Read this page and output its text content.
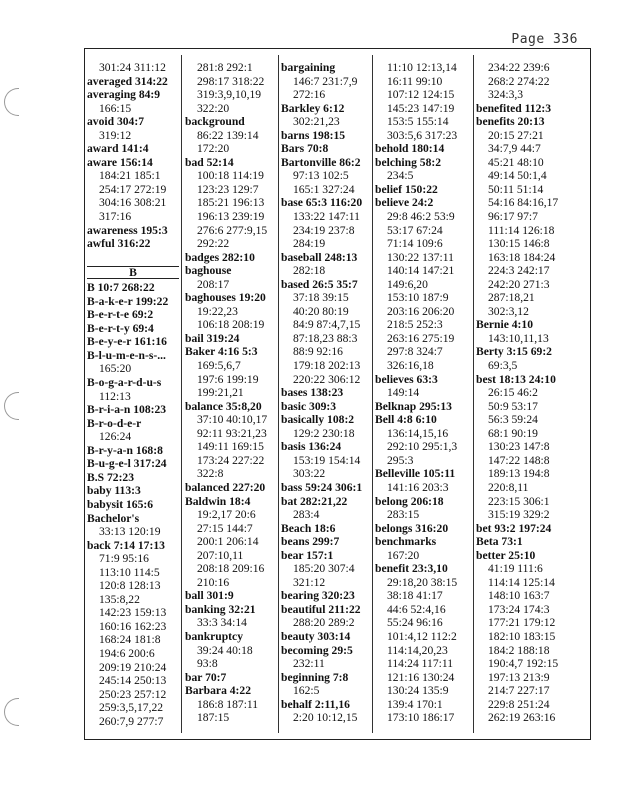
Page 336
301:24 311:12
averaged 314:22
averaging 84:9
166:15
avoid 304:7
319:12
award 141:4
aware 156:14
184:21 185:1
254:17 272:19
304:16 308:21
317:16
awareness 195:3
awful 316:22
B
B 10:7 268:22
B-a-k-e-r 199:22
B-e-r-t-e 69:2
B-e-r-t-y 69:4
B-e-y-e-r 161:16
B-l-u-m-e-n-s-...
165:20
B-o-g-a-r-d-u-s
112:13
B-r-i-a-n 108:23
B-r-o-d-e-r
126:24
B-r-y-a-n 168:8
B-u-g-e-l 317:24
B.S 72:23
baby 113:3
babysit 165:6
Bachelor's
33:13 120:19
back 7:14 17:13
71:9 95:16
113:10 114:5
120:8 128:13
135:8,22
142:23 159:13
160:16 162:23
168:24 181:8
194:6 200:6
209:19 210:24
245:14 250:13
250:23 257:12
259:3,5,17,22
260:7,9 277:7
281:8 292:1
298:17 318:22
319:3,9,10,19
322:20
background
86:22 139:14
172:20
bad 52:14
100:18 114:19
123:23 129:7
185:21 196:13
196:13 239:19
276:6 277:9,15
292:22
badges 282:10
baghouse
208:17
baghouses 19:20
19:22,23
106:18 208:19
bail 319:24
Baker 4:16 5:3
169:5,6,7
197:6 199:19
199:21,21
balance 35:8,20
37:10 40:10,17
92:11 93:21,23
149:11 169:15
173:24 227:22
322:8
balanced 227:20
Baldwin 18:4
19:2,17 20:6
27:15 144:7
200:1 206:14
207:10,11
208:18 209:16
210:16
ball 301:9
banking 32:21
33:3 34:14
bankruptcy
39:24 40:18
93:8
bar 70:7
Barbara 4:22
186:8 187:11
187:15
bargaining
146:7 231:7,9
272:16
Barkley 6:12
302:21,23
barns 198:15
Bars 70:8
Bartonville 86:2
97:13 102:5
165:1 327:24
base 65:3 116:20
133:22 147:11
234:19 237:8
284:19
baseball 248:13
282:18
based 26:5 35:7
37:18 39:15
40:20 80:19
84:9 87:4,7,15
87:18,23 88:3
88:9 92:16
179:18 202:13
220:22 306:12
bases 138:23
basic 309:3
basically 108:2
129:2 230:18
basis 136:24
153:19 154:14
303:22
bass 59:24 306:1
bat 282:21,22
283:4
Beach 18:6
beans 299:7
bear 157:1
185:20 307:4
321:12
bearing 320:23
beautiful 211:22
288:20 289:2
beauty 303:14
becoming 29:5
232:11
beginning 7:8
162:5
behalf 2:11,16
2:20 10:12,15
11:10 12:13,14
16:11 99:10
107:12 124:15
145:23 147:19
153:5 155:14
303:5,6 317:23
behold 180:14
belching 58:2
234:5
belief 150:22
believe 24:2
29:8 46:2 53:9
53:17 67:24
71:14 109:6
130:22 137:11
140:14 147:21
149:6,20
153:10 187:9
203:16 206:20
218:5 252:3
263:16 275:19
297:8 324:7
326:16,18
believes 63:3
149:14
Belknap 295:13
Bell 4:8 6:10
136:14,15,16
292:10 295:1,3
295:3
Belleville 105:11
141:16 203:3
belong 206:18
283:15
belongs 316:20
benchmarks
167:20
benefit 23:3,10
29:18,20 38:15
38:18 41:17
44:6 52:4,16
55:24 96:16
101:4,12 112:2
114:14,20,23
114:24 117:11
121:16 130:24
130:24 135:9
139:4 170:1
173:10 186:17
234:22 239:6
268:2 274:22
324:3,3
benefited 112:3
benefits 20:13
20:15 27:21
34:7,9 44:7
45:21 48:10
49:14 50:1,4
50:11 51:14
54:16 84:16,17
96:17 97:7
111:14 126:18
130:15 146:8
163:18 184:24
224:3 242:17
242:20 271:3
287:18,21
302:3,12
Bernie 4:10
143:10,11,13
Berty 3:15 69:2
69:3,5
best 18:13 24:10
26:15 46:2
50:9 53:17
56:3 59:24
68:1 90:19
130:23 147:8
147:22 148:8
189:13 194:8
220:8,11
223:15 306:1
315:19 329:2
bet 93:2 197:24
Beta 73:1
better 25:10
41:19 111:6
114:14 125:14
148:10 163:7
173:24 174:3
177:21 179:12
182:10 183:15
184:2 188:18
190:4,7 192:15
197:13 213:9
214:7 227:17
229:8 251:24
262:19 263:16
